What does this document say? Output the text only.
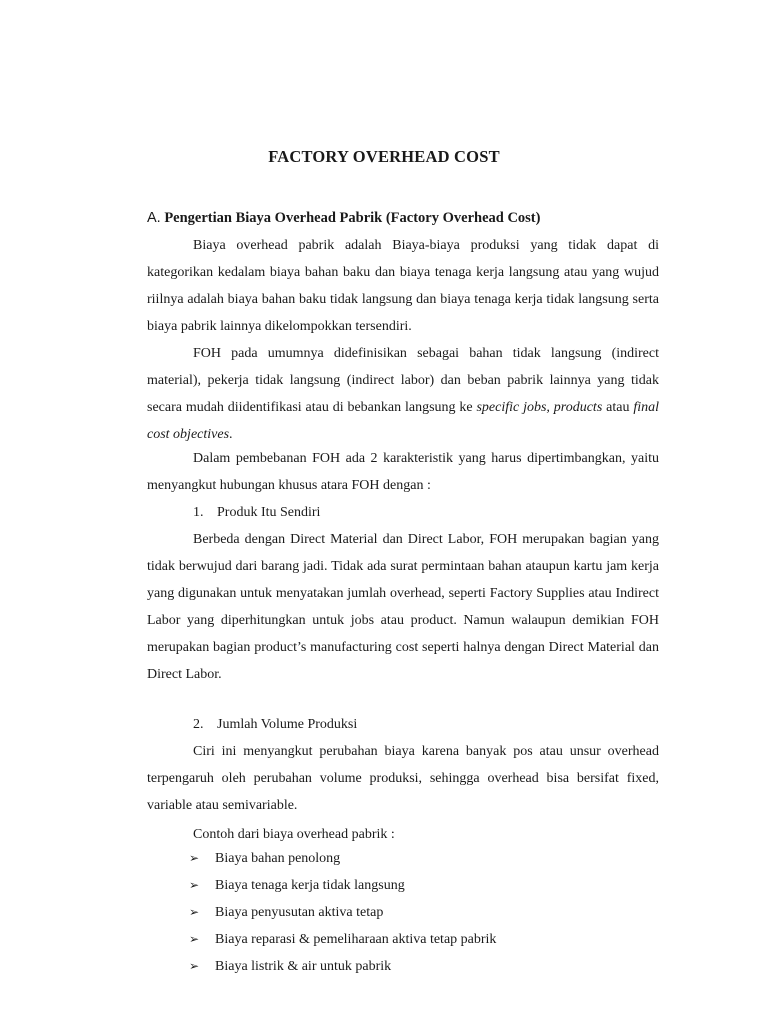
FACTORY OVERHEAD COST
A. Pengertian Biaya Overhead Pabrik (Factory Overhead Cost)

Biaya overhead pabrik adalah Biaya-biaya produksi yang tidak dapat di kategorikan kedalam biaya bahan baku dan biaya tenaga kerja langsung atau yang wujud riilnya adalah biaya bahan baku tidak langsung dan biaya tenaga kerja tidak langsung serta biaya pabrik lainnya dikelompokkan tersendiri.

FOH pada umumnya didefinisikan sebagai bahan tidak langsung (indirect material), pekerja tidak langsung (indirect labor) dan beban pabrik lainnya yang tidak secara mudah diidentifikasi atau di bebankan langsung ke specific jobs, products atau final cost objectives.

Dalam pembebanan FOH ada 2 karakteristik yang harus dipertimbangkan, yaitu menyangkut hubungan khusus atara FOH dengan :

1. Produk Itu Sendiri

Berbeda dengan Direct Material dan Direct Labor, FOH merupakan bagian yang tidak berwujud dari barang jadi. Tidak ada surat permintaan bahan ataupun kartu jam kerja yang digunakan untuk menyatakan jumlah overhead, seperti Factory Supplies atau Indirect Labor yang diperhitungkan untuk jobs atau product. Namun walaupun demikian FOH merupakan bagian product’s manufacturing cost seperti halnya dengan Direct Material dan Direct Labor.

2. Jumlah Volume Produksi

Ciri ini menyangkut perubahan biaya karena banyak pos atau unsur overhead terpengaruh oleh perubahan volume produksi, sehingga overhead bisa bersifat fixed, variable atau semivariable.

Contoh dari biaya overhead pabrik :

➢ Biaya bahan penolong
➢ Biaya tenaga kerja tidak langsung
➢ Biaya penyusutan aktiva tetap
➢ Biaya reparasi & pemeliharaan aktiva tetap pabrik
➢ Biaya listrik & air untuk pabrik
